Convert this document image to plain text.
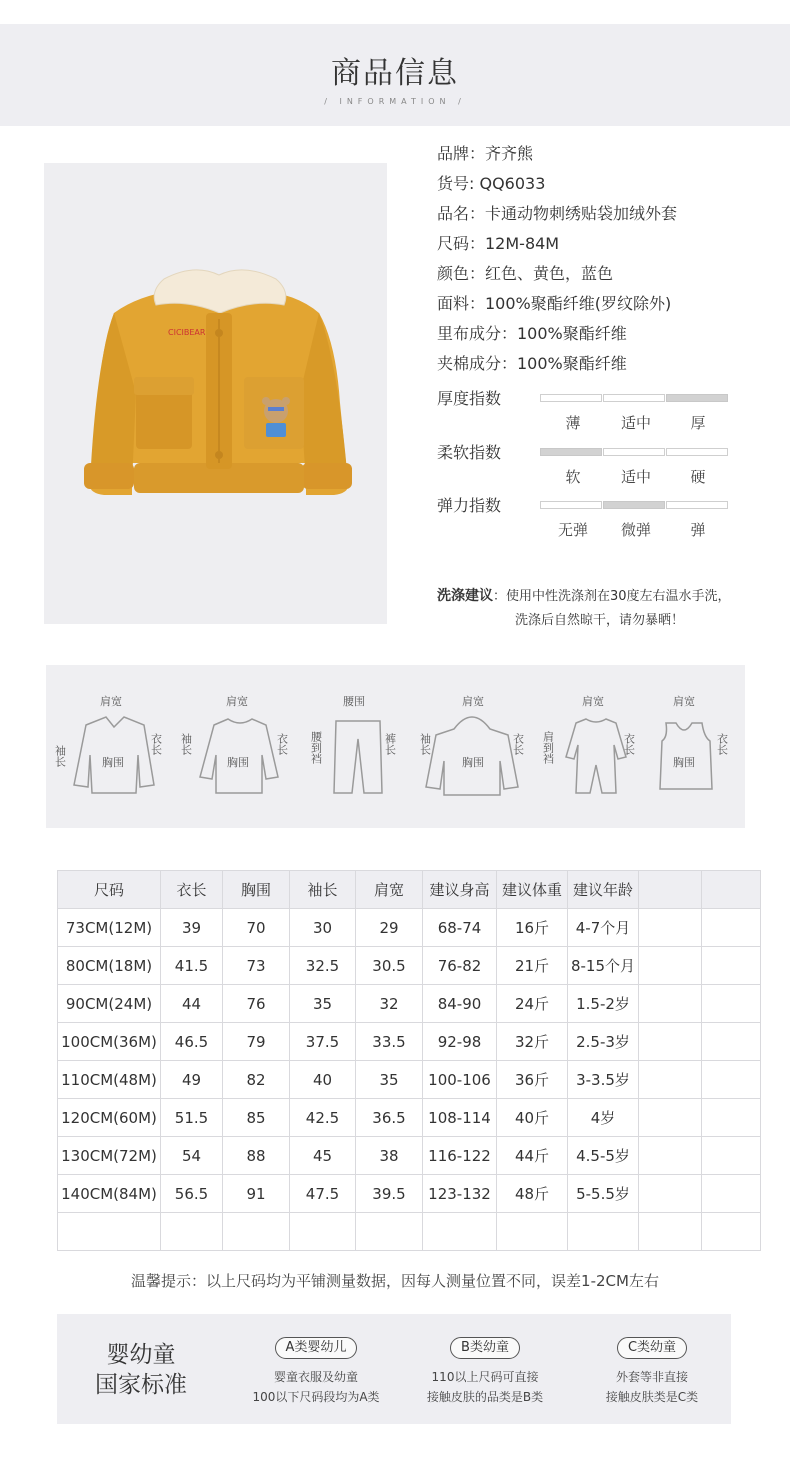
商品信息
/ INFORMATION /
CICIBEAR
品牌：齐齐熊
货号: QQ6033
品名：卡通动物刺绣贴袋加绒外套
尺码：12M-84M
颜色：红色、黄色，蓝色
面料：100%聚酯纤维(罗纹除外)
里布成分：100%聚酯纤维
夹棉成分：100%聚酯纤维
厚度指数
薄	适中	厚
柔软指数
软	适中	硬
弹力指数
无弹	微弹	弹
洗涤建议：使用中性洗涤剂在30度左右温水手洗，
洗涤后自然晾干，请勿暴晒！
肩宽	肩宽	腰围	肩宽	肩宽	肩宽
胸围	胸围	胸围	胸围
袖长
衣长 袖长	衣长 腰到裆	裤长 袖长	衣长 肩到裆	衣长	衣长
尺码	衣长	胸围	袖长	肩宽	建议身高	建议体重	建议年龄		
73CM(12M)	39	70	30	29	68-74	16斤	4-7个月		
80CM(18M)	41.5	73	32.5	30.5	76-82	21斤	8-15个月		
90CM(24M)	44	76	35	32	84-90	24斤	1.5-2岁		
100CM(36M)	46.5	79	37.5	33.5	92-98	32斤	2.5-3岁		
110CM(48M)	49	82	40	35	100-106	36斤	3-3.5岁		
120CM(60M)	51.5	85	42.5	36.5	108-114	40斤	4岁		
130CM(72M)	54	88	45	38	116-122	44斤	4.5-5岁		
140CM(84M)	56.5	91	47.5	39.5	123-132	48斤	5-5.5岁		

温馨提示：以上尺码均为平铺测量数据，因每人测量位置不同，误差1-2CM左右
婴幼童
国家标准
A类婴幼儿
婴童衣服及幼童
100以下尺码段均为A类
B类幼童
110以上尺码可直接
接触皮肤的品类是B类
C类幼童
外套等非直接
接触皮肤类是C类
